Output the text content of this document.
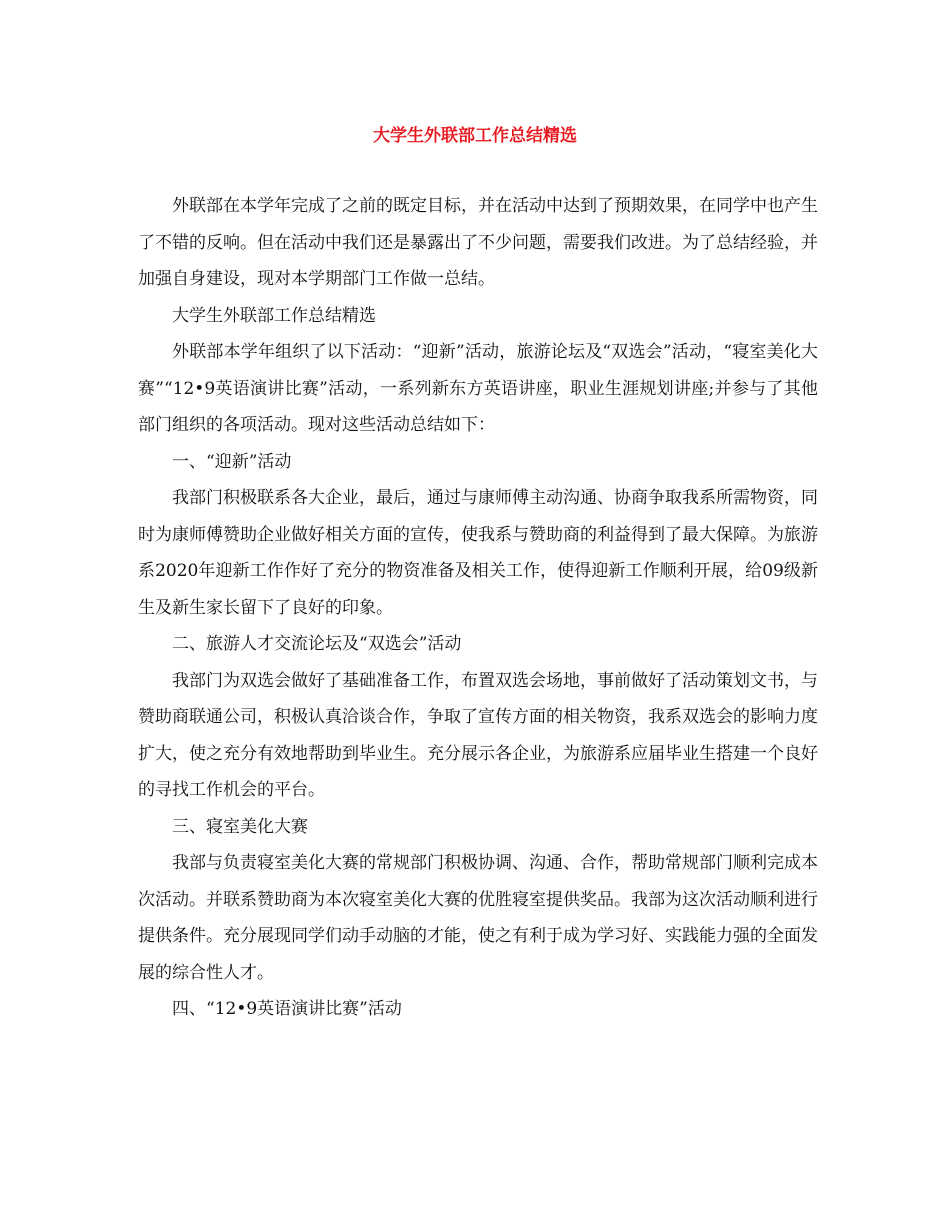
大学生外联部工作总结精选

外联部在本学年完成了之前的既定目标，并在活动中达到了预期效果，在同学中也产生了不错的反响。但在活动中我们还是暴露出了不少问题，需要我们改进。为了总结经验，并加强自身建设，现对本学期部门工作做一总结。

大学生外联部工作总结精选

外联部本学年组织了以下活动：“迎新”活动，旅游论坛及“双选会”活动，“寝室美化大赛”“12•9英语演讲比赛”活动，一系列新东方英语讲座，职业生涯规划讲座;并参与了其他部门组织的各项活动。现对这些活动总结如下：

一、“迎新”活动

我部门积极联系各大企业，最后，通过与康师傅主动沟通、协商争取我系所需物资，同时为康师傅赞助企业做好相关方面的宣传，使我系与赞助商的利益得到了最大保障。为旅游系2020年迎新工作作好了充分的物资准备及相关工作，使得迎新工作顺利开展，给09级新生及新生家长留下了良好的印象。

二、旅游人才交流论坛及“双选会”活动

我部门为双选会做好了基础准备工作，布置双选会场地，事前做好了活动策划文书，与赞助商联通公司，积极认真洽谈合作，争取了宣传方面的相关物资，我系双选会的影响力度扩大，使之充分有效地帮助到毕业生。充分展示各企业，为旅游系应届毕业生搭建一个良好的寻找工作机会的平台。

三、寝室美化大赛

我部与负责寝室美化大赛的常规部门积极协调、沟通、合作，帮助常规部门顺利完成本次活动。并联系赞助商为本次寝室美化大赛的优胜寝室提供奖品。我部为这次活动顺利进行提供条件。充分展现同学们动手动脑的才能，使之有利于成为学习好、实践能力强的全面发展的综合性人才。

四、“12•9英语演讲比赛”活动
